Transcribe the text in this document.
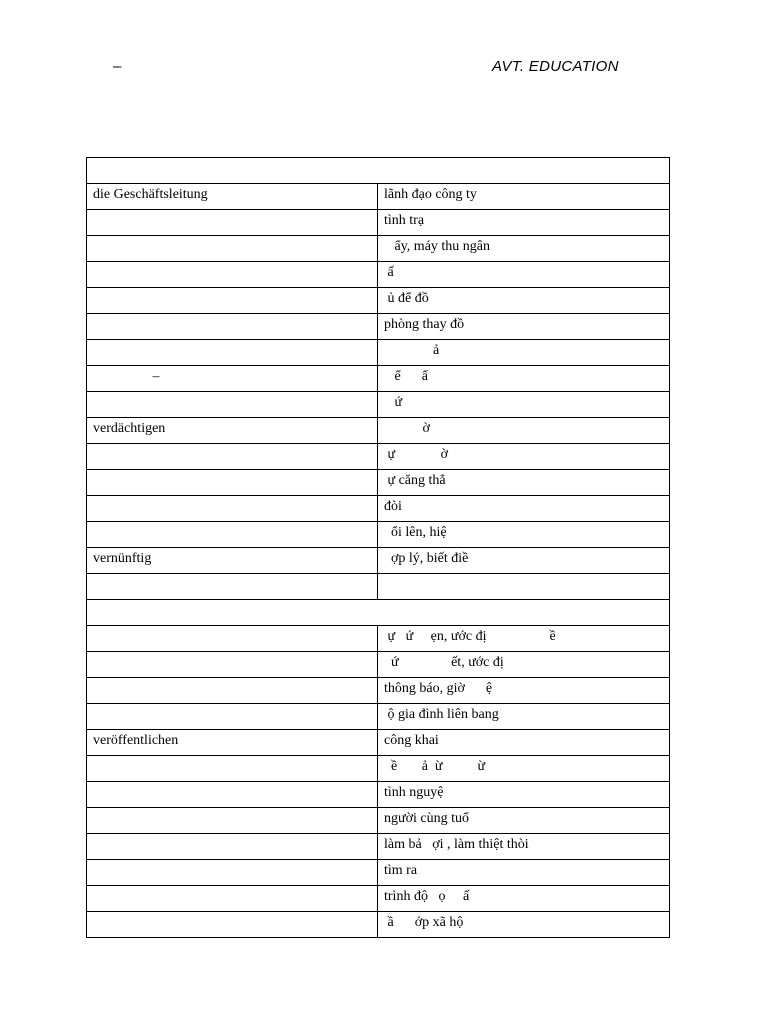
–	AVT. EDUCATION

die Geschäftsleitung	lãnh đạo công ty
	tình trạ
	ẩy, máy thu ngân
	ấ
	ủ để đồ
	phòng thay đồ
	ả
–	ể      ẩ
	ứ
verdächtigen	ờ
	ự             ờ
	ự căng thẳ
	đòi
	ổi lên, hiệ
vernünftig	ợp lý, biết điề

	ự   ứ     ẹn, ước đị                  ề
	ứ               ết, ước đị
	thông báo, giờ      ệ
	ộ gia đình liên bang
veröffentlichen	công khai
	ề       ả  ừ          ừ
	tình nguyệ
	người cùng tuổ
	làm bả   ợi , làm thiệt thòi
	tìm ra
	trình độ   ọ     ấ
	ầ      ớp xã hộ
